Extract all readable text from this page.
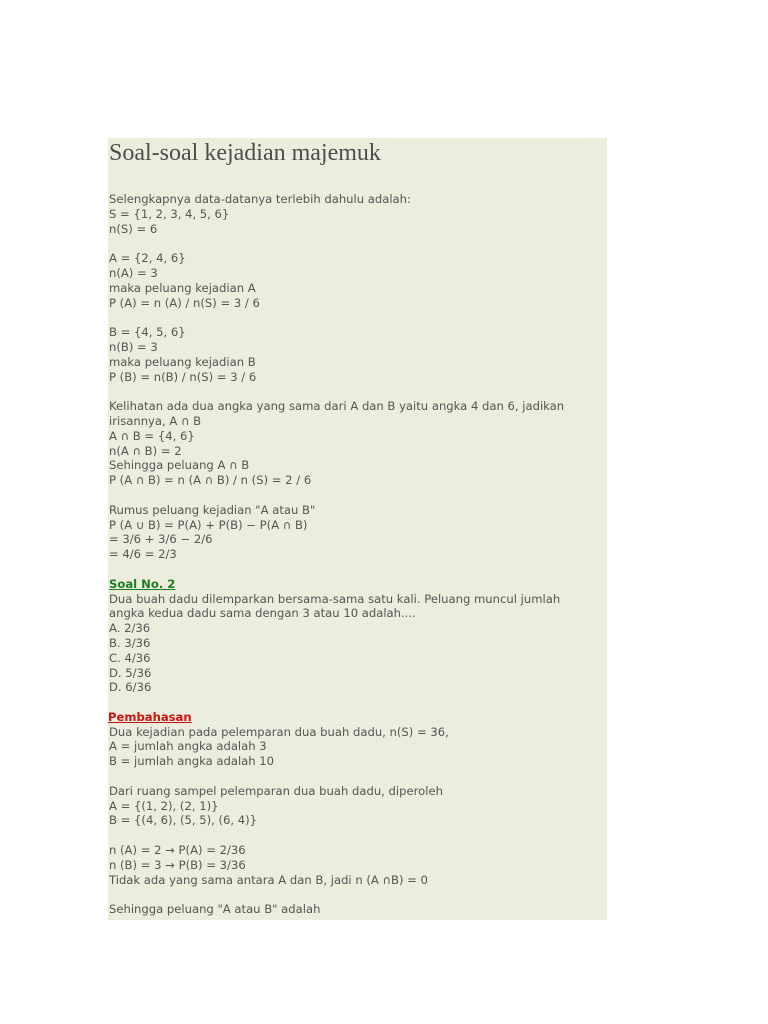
Soal-soal kejadian majemuk
Selengkapnya data-datanya terlebih dahulu adalah:
S = {1, 2, 3, 4, 5, 6}
n(S) = 6
A = {2, 4, 6}
n(A) = 3
maka peluang kejadian A
P (A) = n (A) / n(S) = 3 / 6
B = {4, 5, 6}
n(B) = 3
maka peluang kejadian B
P (B) = n(B) / n(S) = 3 / 6
Kelihatan ada dua angka yang sama dari A dan B yaitu angka 4 dan 6, jadikan
irisannya, A ∩ B
A ∩ B = {4, 6}
n(A ∩ B) = 2
Sehingga peluang A ∩ B
P (A ∩ B) = n (A ∩ B) / n (S) = 2 / 6
Rumus peluang kejadian "A atau B"
P (A ∪ B) = P(A) + P(B) − P(A ∩ B)
= 3/6 + 3/6 − 2/6
= 4/6 = 2/3
Soal No. 2
Dua buah dadu dilemparkan bersama-sama satu kali. Peluang muncul jumlah
angka kedua dadu sama dengan 3 atau 10 adalah....
A. 2/36
B. 3/36
C. 4/36
D. 5/36
D. 6/36
Pembahasan
Dua kejadian pada pelemparan dua buah dadu, n(S) = 36,
A = jumlah angka adalah 3
B = jumlah angka adalah 10
Dari ruang sampel pelemparan dua buah dadu, diperoleh
A = {(1, 2), (2, 1)}
B = {(4, 6), (5, 5), (6, 4)}
n (A) = 2 → P(A) = 2/36
n (B) = 3 → P(B) = 3/36
Tidak ada yang sama antara A dan B, jadi n (A ∩B) = 0
Sehingga peluang "A atau B" adalah
